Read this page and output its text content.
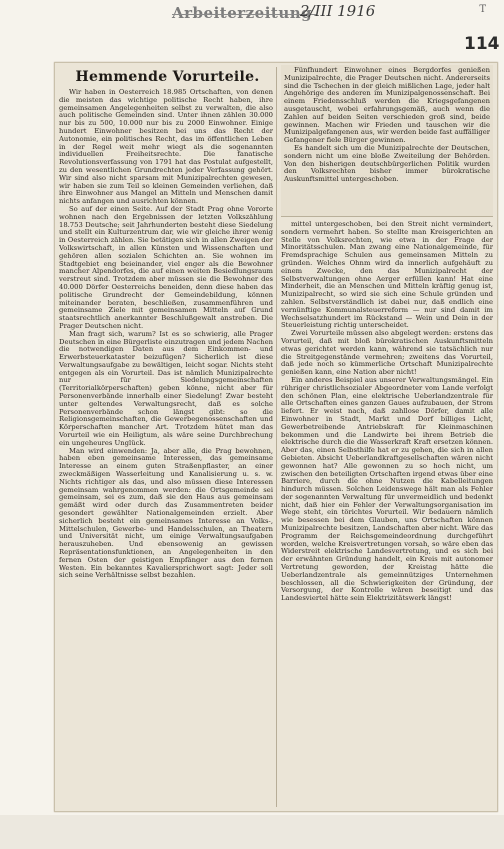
Arbeiterzeitung
2/III 1916	T
114
Hemmende Vorurteile.

Wir haben in Oesterreich 18.985 Ortschaften, von denen die meisten das wichtige politische Recht haben, ihre gemeinsamen Angelegenheiten selbst zu verwalten, die also auch politische Gemeinden sind. Unter ihnen zählen 30.000 nur bis zu 500, 10.000 nur bis zu 2000 Einwohner. Einige hundert Einwohner besitzen bei uns das Recht der Autonomie, ein politisches Recht, das im öffentlichen Leben in der Regel weit mehr wiegt als die sogenannten individuellen Freiheitsrechte. Die fanatische Revolutionsverfassung von 1791 hat das Postulat aufgestellt, zu den wesentlichen Grundrechten jeder Verfassung gehört. Wir sind also nicht sparsam mit Munizipalrechten gewesen, wir haben sie zum Teil so kleinen Gemeinden verliehen, daß ihre Einwohner aus Mangel an Mitteln und Menschen damit nichts anfangen und ausrichten können.

So auf der einen Seite. Auf der Stadt Prag ohne Vororte wohnen nach den Ergebnissen der letzten Volkszählung 18.753 Deutsche; seit Jahrhunderten besteht diese Siedelung und stellt ein Kulturzentrum dar, wie wir gleiche ihrer wenig in Oesterreich zählen. Sie betätigen sich in allen Zweigen der Volkswirtschaft, in allen Künsten und Wissenschaften und gehören allen sozialen Schichten an. Sie wohnen im Stadtgebiet eng beieinander, viel enger als die Bewohner mancher Alpendorfes, die auf einen weiten Besiedlungsraum verstreut sind. Trotzdem aber müssen sie die Bewohner des 40.000 Dörfer Oesterreichs beneiden, denn diese haben das politische Grundrecht der Gemeindebildung, können miteinander beraten, beschließen, zusammenführen und gemeinsame Ziele mit gemeinsamen Mitteln auf Grund staatsrechtlich anerkannter Beschlußgewalt anstreben. Die Prager Deutschen nicht.

Man fragt sich, warum? Ist es so schwierig, alle Prager Deutschen in eine Bürgerliste einzutragen und jedem Nachen die notwendigen Daten aus dem Einkommen- und Erwerbsteuerkataster beizufügen? Sicherlich ist diese Verwaltungsaufgabe zu bewältigen, leicht sogar. Nichts steht entgegen als ein Vorurteil. Das ist nämlich Munizipalrechte nur für Siedelungsgemeinschaften (Territorialkörperschaften) geben könne, nicht aber für Personenverbände innerhalb einer Siedelung! Zwar besteht unter geltendes Verwaltungsrecht, daß es solche Personenverbände schon längst gibt: so die Religionsgemeinschaften, die Gewerbegenossenschaften und Körperschaften mancher Art. Trotzdem hütet man das Vorurteil wie ein Heiligtum, als wäre seine Durchbrechung ein ungeheures Unglück.

Man wird einwenden: Ja, aber alle, die Prag bewohnen, haben eben gemeinsame Interessen, das gemeinsame Interesse an einem guten Straßenpflaster, an einer zweckmäßigen Wasserleitung und Kanalisierung u. s. w. Nichts richtiger als das, und also müssen diese Interessen gemeinsam wahrgenommen werden: die Ortsgemeinde sei gemeinsam, sei es zum, daß sie den Haus aus gemeinsam gemäßt wird oder durch das Zusammentreten beider gesondert gewählter Nationalgemeinden erzielt. Aber sicherlich besteht ein gemeinsames Interesse an Volks-, Mittelschulen, Gewerbe- und Handelsschulen, an Theatern und Universität nicht, um einige Verwaltungsaufgaben herauszuheben. Und ebensowenig an gewissen Repräsentationsfunktionen, an Angelegenheiten in den fernen Osten der geistigen Empfänger aus den fernen Westen. Ein bekanntes Kavaliersprichwort sagt: Jeder soll sich seine Verhältnisse selbst bezahlen.

Fünfhundert Einwohner eines Bergdorfes genießen Munizipalrechte, die Prager Deutschen nicht. Andererseits sind die Tschechen in der gleich mißlichen Lage, jeder halt Angehörige des anderen im Munizipalgenossenschaft. Bei einem Friedensschluß werden die Kriegsgefangenen ausgetauscht, wobei erfahrungsgemäß, auch wenn die Zahlen auf beiden Seiten verschieden groß sind, beide gewinnen. Machen wir Frieden und tauschen wir die Munizipalgefangenen aus, wir werden beide fast auffälliger Gefangener fiele Bürger gewinnen.

Es handelt sich um die Munizipalrechte der Deutschen, sondern nicht um eine bloße Zweiteilung der Behörden. Von den bisherigen deutschbürgerlichen Politik wurden den Volksrechten bisher immer bürokratische Auskunftsmittel untergeschoben.

mittel untergeschoben, bei den Streit nicht vermindert, sondern vermehrt haben. So stellte man Kreisgerichten an Stelle von Volksrechten, wie etwa in der Frage der Minoritätsschulen. Man zwang eine Nationalgemeinde, für Fremdsprachige Schulen aus gemeinsamen Mitteln zu gründen. Welches Ohnm wird da innerlich aufgehäuft zu einem Zwecke, den das Munizipalrecht der Selbstverwaltungen ohne Aerger erfüllen kann! Hat eine Minderheit, die an Menschen und Mitteln kräftig genug ist, Munizipalrecht, so wird sie sich eine Schule gründen und zahlen. Selbstverständlich ist dabei nur, daß endlich eine vernünftige Kommunalsteuerreform — nur sind damit im Wechselsatzhundert im Rückstand — Wein und Dein in der Steuerleistung richtig unterscheidet.

Zwei Vorurteile müssen also abgelegt werden: erstens das Vorurteil, daß mit bloß bürokratischen Auskunftsmitteln etwas gerichtet werden kann, während sie tatsächlich nur die Streitgegenstände vermehren; zweitens das Vorurteil, daß jede noch so kümmerliche Ortschaft Munizipalrechte genießen kann, eine Nation aber nicht!

Ein anderes Beispiel aus unserer Verwaltungsmängel. Ein rühriger christlichsozialer Abgeordneter vom Lande verfolgt den schönen Plan, eine elektrische Ueberlandzentrale für alle Ortschaften eines ganzen Gaues aufzubauen, der Strom liefert. Er weist nach, daß zahllose Dörfer, damit alle Einwohner in Stadt, Markt und Dorf billiges Licht, Gewerbetreibende Antriebskraft für Kleinmaschinen bekommen und die Landwirte bei ihrem Betrieb die elektrische durch die die Wasserkraft Kraft ersetzen können. Aber das, einen Selbsthilfe hat er zu gehen, die sich in allen Gebieten. Absicht Ueberlandkraftgesellschaften wären nicht gewonnen hat? Alle gewonnen zu so hoch nicht, um zwischen den beteiligten Ortschaften irgend etwas über eine Barriere, durch die ohne Nutzen die Kabelleitungen hindurch müssen. Solchen Leidenswege hält man als Fehler der sogenannten Verwaltung für unvermeidlich und bedenkt nicht, daß hier ein Fehler der Verwaltungsorganisation im Wege steht, ein törichtes Vorurteil. Wir bedauern nämlich wie besessen bei dem Glauben, uns Ortschaften können Munizipalrechte besitzen, Landschaften aber nicht. Wäre das Programm der Reichsgemeindeordnung durchgeführt worden, welche Kreisvertretungen vorsah, so wäre eben das Widerstreit elektrische Landesvertretung, und es sich bei der erwähnten Gründung handelt, ein Kreis mit autonomer Vertretung geworden, der Kreistag hätte die Ueberlandzentrale als gemeinnütziges Unternehmen beschlossen, all die Schwierigkeiten der Gründung, der Versorgung, der Kontrolle wären beseitigt und das Landesviertel hätte sein Elektrizitätswerk längst!
